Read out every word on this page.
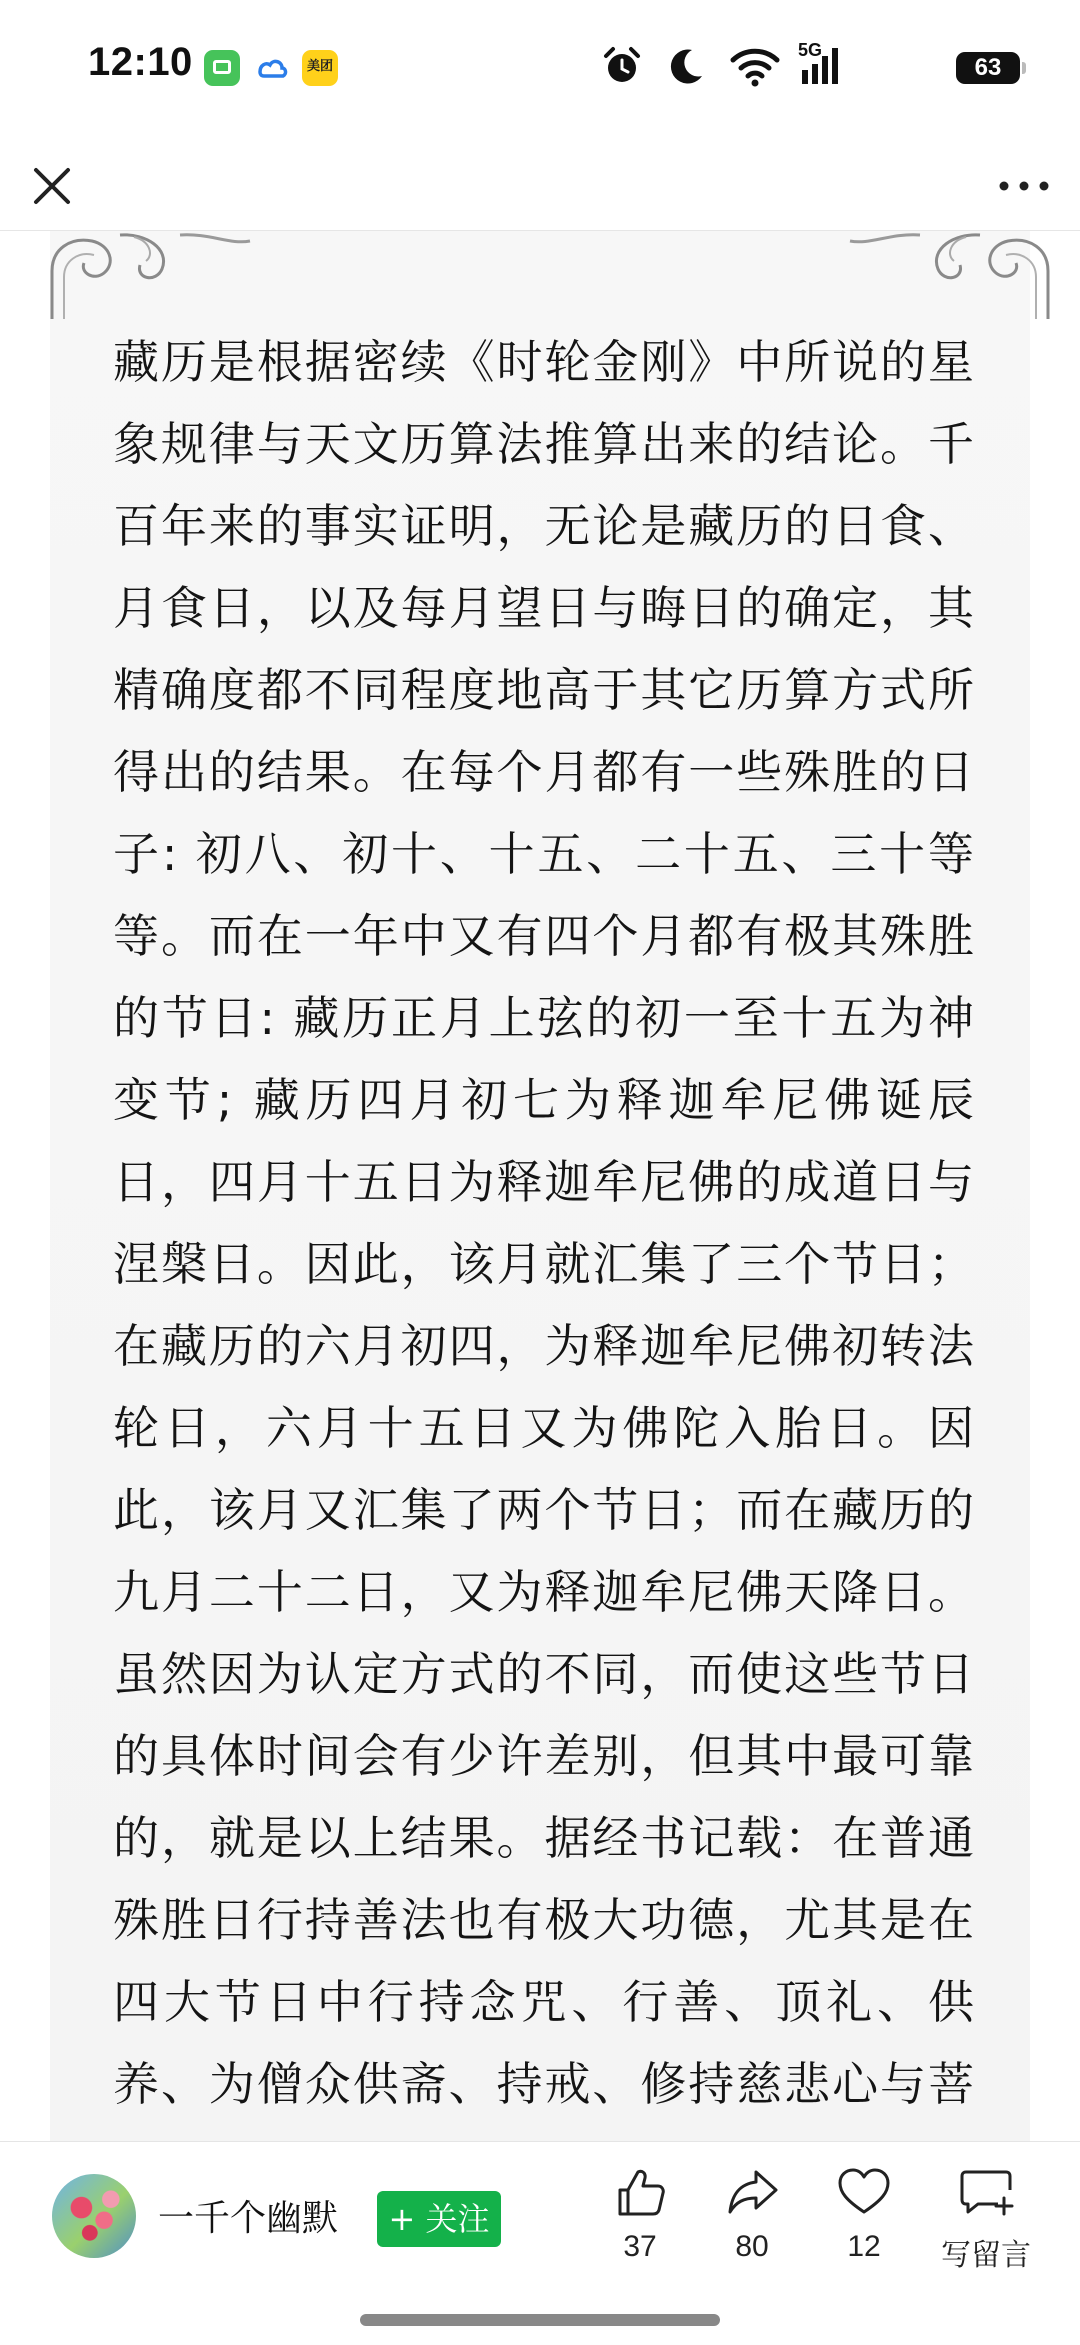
12:10	美团
5G
63
藏历是根据密续《时轮金刚》中所说的星象规律与天文历算法推算出来的结论。千百年来的事实证明，无论是藏历的日食、月食日，以及每月望日与晦日的确定，其精确度都不同程度地高于其它历算方式所得出的结果。在每个月都有一些殊胜的日子: 初八、初十、十五、二十五、三十等等。而在一年中又有四个月都有极其殊胜的节日: 藏历正月上弦的初一至十五为神变节; 藏历四月初七为释迦牟尼佛诞辰日，四月十五日为释迦牟尼佛的成道日与涅槃日。因此，该月就汇集了三个节日；在藏历的六月初四，为释迦牟尼佛初转法轮日，六月十五日又为佛陀入胎日。因此，该月又汇集了两个节日；而在藏历的九月二十二日，又为释迦牟尼佛天降日。虽然因为认定方式的不同，而使这些节日的具体时间会有少许差别，但其中最可靠的，就是以上结果。据经书记载：在普通殊胜日行持善法也有极大功德，尤其是在四大节日中行持念咒、行善、顶礼、供养、为僧众供斋、持戒、修持慈悲心与菩
一千个幽默	+ 关注
37	80	12	写留言
